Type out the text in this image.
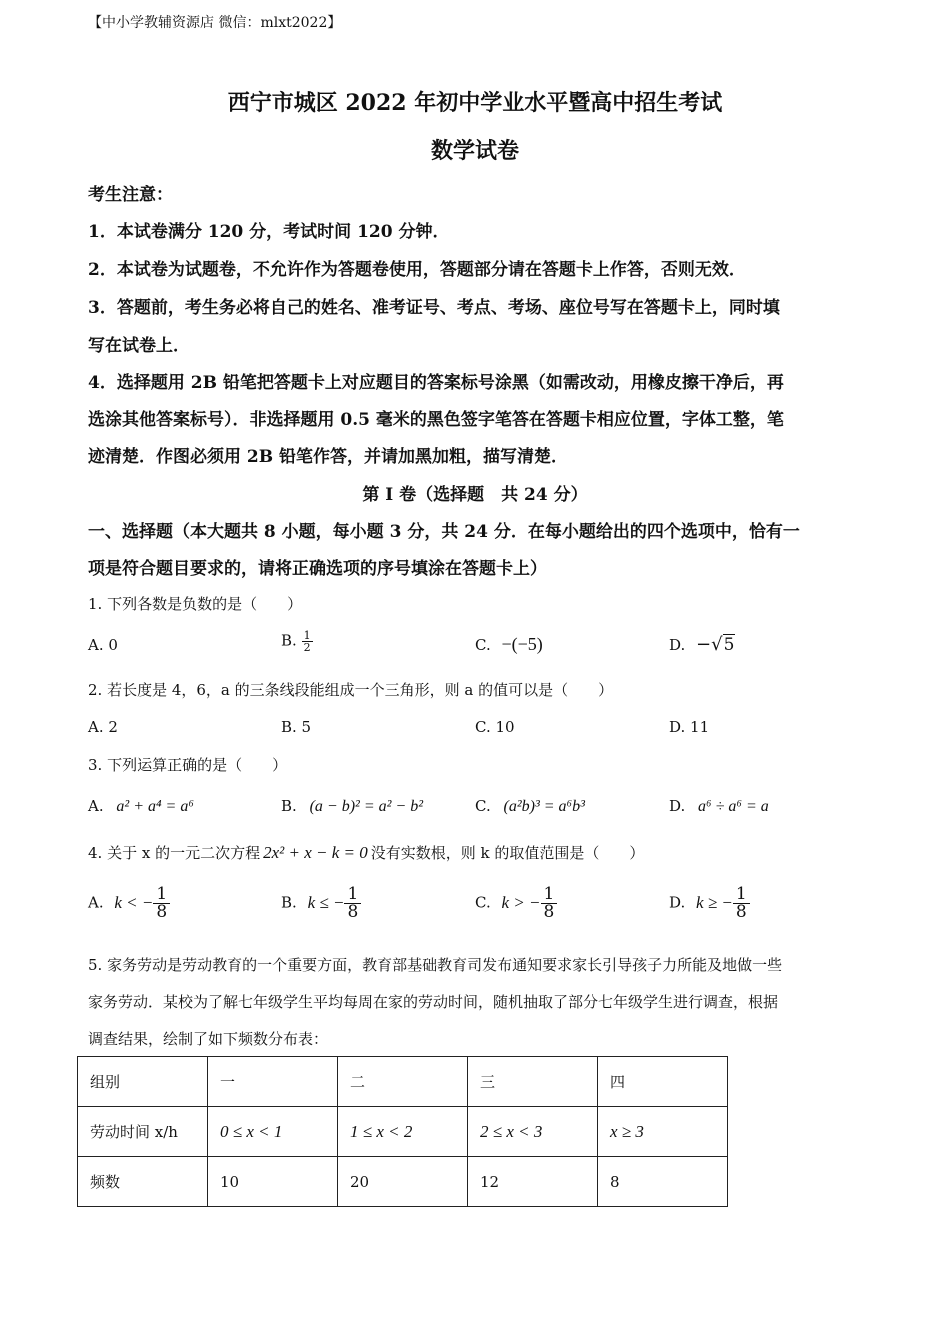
【中小学教辅资源店 微信：mlxt2022】
西宁市城区 2022 年初中学业水平暨高中招生考试
数学试卷
考生注意：
1．本试卷满分 120 分，考试时间 120 分钟．
2．本试卷为试题卷，不允许作为答题卷使用，答题部分请在答题卡上作答，否则无效．
3．答题前，考生务必将自己的姓名、准考证号、考点、考场、座位号写在答题卡上，同时填
写在试卷上．
4．选择题用 2B 铅笔把答题卡上对应题目的答案标号涂黑（如需改动，用橡皮擦干净后，再
选涂其他答案标号）．非选择题用 0.5 毫米的黑色签字笔答在答题卡相应位置，字体工整，笔
迹清楚．作图必须用 2B 铅笔作答，并请加黑加粗，描写清楚．
第 I 卷（选择题　共 24 分）
一、选择题（本大题共 8 小题，每小题 3 分，共 24 分．在每小题给出的四个选项中，恰有一
项是符合题目要求的，请将正确选项的序号填涂在答题卡上）
1. 下列各数是负数的是（　　）
A. 0	B. $\frac{1}{2}$	C. −(−5)	D. −√5
2. 若长度是 4，6，a 的三条线段能组成一个三角形，则 a 的值可以是（　　）
A. 2	B. 5	C. 10	D. 11
3. 下列运算正确的是（　　）
A. a² + a⁴ = a⁶	B. (a − b)² = a² − b²	C. (a²b)³ = a⁶b³	D. a⁶ ÷ a⁶ = a
4. 关于 x 的一元二次方程 2x² + x − k = 0 没有实数根，则 k 的取值范围是（　　）
A. k < − $\frac{1}{8}$	B. k ≤ − $\frac{1}{8}$	C. k > − $\frac{1}{8}$	D. k ≥ − $\frac{1}{8}$
5. 家务劳动是劳动教育的一个重要方面，教育部基础教育司发布通知要求家长引导孩子力所能及地做一些
家务劳动．某校为了解七年级学生平均每周在家的劳动时间，随机抽取了部分七年级学生进行调查，根据
调查结果，绘制了如下频数分布表：
组别	一	二	三	四
劳动时间 x/h	0 ≤ x < 1	1 ≤ x < 2	2 ≤ x < 3	x ≥ 3
频数	10	20	12	8
